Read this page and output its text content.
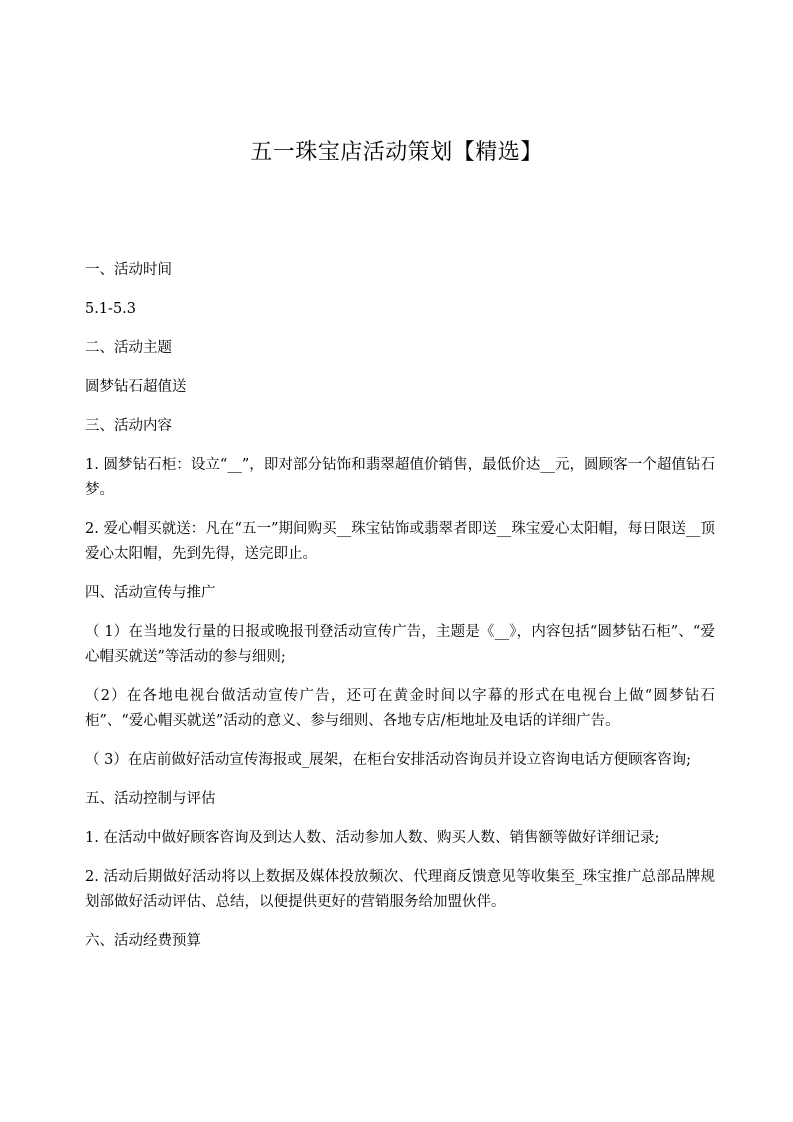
五一珠宝店活动策划【精选】

一、活动时间

5.1-5.3

二、活动主题

圆梦钻石超值送

三、活动内容

1. 圆梦钻石柜：设立“__”，即对部分钻饰和翡翠超值价销售，最低价达__元，圆顾客一个超值钻石梦。

2. 爱心帽买就送：凡在“五一”期间购买__珠宝钻饰或翡翠者即送__珠宝爱心太阳帽，每日限送__顶爱心太阳帽，先到先得，送完即止。

四、活动宣传与推广

（ 1）在当地发行量的日报或晚报刊登活动宣传广告，主题是《__》，内容包括“圆梦钻石柜”、“爱心帽买就送”等活动的参与细则;

（2）在各地电视台做活动宣传广告，还可在黄金时间以字幕的形式在电视台上做“圆梦钻石柜”、“爱心帽买就送”活动的意义、参与细则、各地专店/柜地址及电话的详细广告。

（ 3）在店前做好活动宣传海报或_展架，在柜台安排活动咨询员并设立咨询电话方便顾客咨询;

五、活动控制与评估

1. 在活动中做好顾客咨询及到达人数、活动参加人数、购买人数、销售额等做好详细记录;

2. 活动后期做好活动将以上数据及媒体投放频次、代理商反馈意见等收集至_珠宝推广总部品牌规划部做好活动评估、总结，以便提供更好的营销服务给加盟伙伴。

六、活动经费预算
